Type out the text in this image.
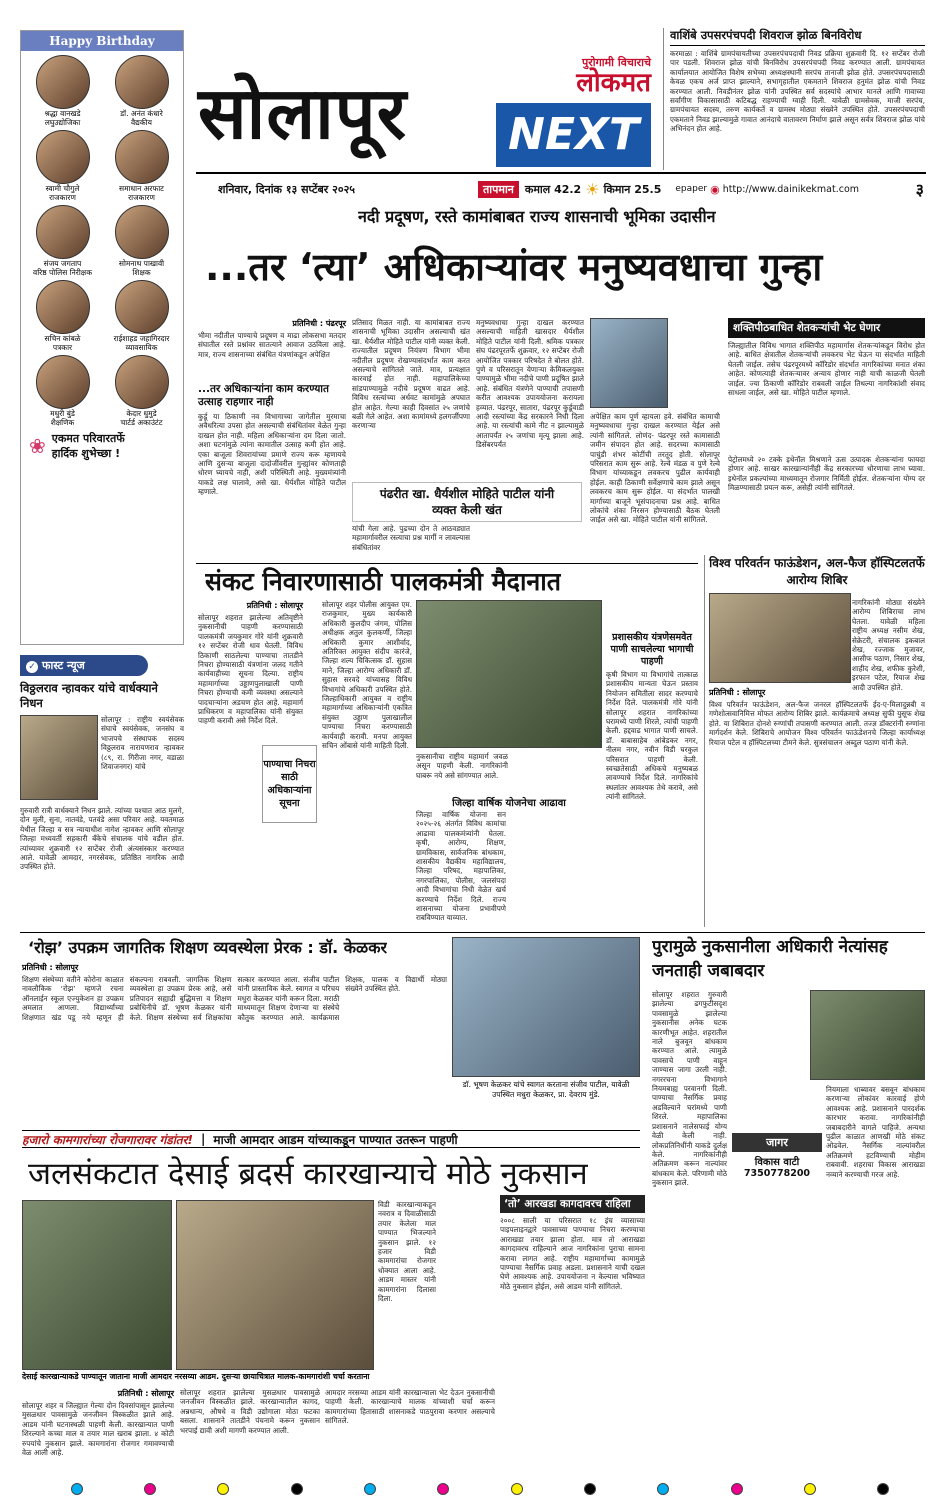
Happy Birthday
श्रद्धा वानखडे
लघुउद्योजिका
डॉ. अनंत कंधारे
वैद्यकीय
स्वामी चौगुले
राजकारण
समाधान अरफाट
राजकारण
संजय जगताप
वरिष्ठ पोलिस निरीक्षक
सोमनाथ पाखावी
शिक्षक
सचिन कांबळे
पत्रकार
राईशाहड जहागिरदार
व्यावसायिक
मधुरी बुंडे
शैक्षणिक
केदार धुमुडे
चार्टर्ड अकाउंटंट
❀ एकमत परिवारतर्फे
हार्दिक शुभेच्छा !
✓ फास्ट न्यूज
विठ्ठलराव न्हावकर यांचे वार्धक्याने निधन
सोलापूर : राष्ट्रीय स्वयंसेवक संघाचे स्वयंसेवक, जनसंघ व भाजपचे संस्थापक सदस्य विठ्ठलराव नारायणराव न्हावकर (८९, रा. गिरीजा नगर, वडाळा शिवाजनगर) यांचे
गुरुवारी रात्री वार्धक्याने निधन झाले. त्यांच्या पश्चात आठ मुलगे, दोन मुली, सुना, नातवंडे, पतवंडे असा परिवार आहे. यवतमाळ येथील जिल्हा व सत्र न्यायाधीश नागेश न्हावकर आणि सोलापूर जिल्हा मध्यवर्ती सहकारी बँकेचे संचालक यांचे वडील होत. त्यांच्यावर शुक्रवारी १२ सप्टेंबर रोजी अंत्यसंस्कार करण्यात आले. यावेळी आमदार, नगरसेवक, प्रतिष्ठित नागरिक आदी उपस्थित होते.
सोलापूर
पुरोगामी विचाराचे
लोकमत
NEXT
शनिवार, दिनांक १३ सप्टेंबर २०२५	तापमान	कमाल 42.2 ☀ किमान 25.5 epaper ◉ http://www.dainikekmat.com	३
वाशिंबे उपसरपंचपदी शिवराज झोळ बिनविरोध
करमाळा : वाशिंबे ग्रामपंचायतीच्या उपसरपंचपदाची निवड प्रक्रिया शुक्रवारी दि. १२ सप्टेंबर रोजी पार पडली. शिवराज झोळ यांची बिनविरोध उपसरपंचपदी निवड करण्यात आली. ग्रामपंचायत कार्यालयात आयोजित विशेष सभेच्या अध्यक्षस्थानी सरपंच तानाजी झोळ होते. उपसरपंचपदासाठी केवळ एकच अर्ज प्राप्त झाल्याने, सभागृहातील एकमताने शिवराज हनुमंत झोळ यांची निवड करण्यात आली. निवडीनंतर झोळ यांनी उपस्थित सर्व सदस्यांचे आभार मानले आणि गावाच्या सर्वांगीण विकासासाठी कटिबद्ध राहण्याची ग्वाही दिली. यावेळी ग्रामसेवक, माजी सरपंच, ग्रामपंचायत सदस्य, तरुण कार्यकर्ते व ग्रामस्थ मोठ्या संख्येने उपस्थित होते. उपसरपंचपदाची एकमताने निवड झाल्यामुळे गावात आनंदाचे वातावरण निर्माण झाले असून सर्वत्र शिवराज झोळ यांचे अभिनंदन होत आहे.
नदी प्रदूषण, रस्ते कामांबाबत राज्य शासनाची भूमिका उदासीन
...तर ‘त्या’ अधिकाऱ्यांवर मनुष्यवधाचा गुन्हा
प्रतिनिधी : पंढरपूर
भीमा नदीतील पाण्याचे प्रदूषण व माढा लोकसभा मतदार संघातील रस्ते प्रश्नांवर सातत्याने आवाज उठविला आहे. मात्र, राज्य शासनाच्या संबंधित यंत्रणांकडून अपेक्षित
...तर अधिकाऱ्यांना काम करण्यात उत्साह राहणार नाही
कुर्डू या ठिकाणी नव विभागाच्या जागेतील मुरमाचा अवैधरित्या उपसा होत असल्याची संबंधितांवर वेळेत गुन्हा दाखल होत नाही. महिला अधिकाऱ्यांना दम दिला जातो. अशा घटनांमुळे त्यांना कामातील उत्साह कमी होत आहे. एका बाजूला शिवरायांच्या प्रमाणे राज्य करू म्हणायचे आणि दुसऱ्या बाजूला दादोजींवरील गुन्ह्यांवर कोणताही धोरण घ्यायचे नाही, अशी परिस्थिती आहे. मुख्यमंत्र्यांनी याकडे लक्ष घालावे, असे खा. धैर्यशील मोहिते पाटील म्हणाले.
प्रतिसाद मिळत नाही. या कामांबाबत राज्य शासनाची भूमिका उदासीन असल्याची खंत खा. धैर्यशील मोहिते पाटील यांनी व्यक्त केली. राज्यातील प्रदूषण नियंत्रण विभाग भीमा नदीतील प्रदूषण रोखण्यासंदर्भात काम करत असल्याचे सांगितले जाते. मात्र, प्रत्यक्षात कारवाई होत नाही. महापालिकेच्या सांडपाण्यामुळे नदीचे प्रदूषण वाढत आहे. विविध रस्त्यांच्या अर्धवट कामांमुळे अपघात होत आहेत. गेल्या काही दिवसांत २५ जणांचे बळी गेले आहेत. अशा कामांमध्ये हलगर्जीपणा करणाऱ्या
पंढरीत खा. धैर्यशील मोहिते पाटील यांनी व्यक्त केली खंत
यांची गेला आहे. पुढच्या दोन ते आठवड्यात महामार्गावरील रस्त्याचा प्रश्न मार्गी न लावल्यास संबंधितांवर
मनुष्यवधाचा गुन्हा दाखल करण्यात असल्याची माहिती खासदार धैर्यशील मोहिते पाटील यांनी दिली. श्रमिक पत्रकार संघ पंढरपूरतर्फे शुक्रवार, १२ सप्टेंबर रोजी आयोजित पत्रकार परिषदेत ते बोलत होते. पुणे व परिसरातून येणाऱ्या केमिकलयुक्त पाण्यामुळे भीमा नदीचे पाणी प्रदूषित झाले आहे. संबंधित यंत्रणेने पाण्याची तपासणी करीत आवश्यक उपाययोजना करायला हव्यात. पंढरपूर, सातारा, पंढरपूर कुर्डूवाडी आदी रस्त्यांच्या केंद्र सरकारने निधी दिला आहे. या रस्त्यांची कामे नीट न झाल्यामुळे आतापर्यंत २५ जणांचा मृत्यू झाला आहे. डिसेंबरपर्यंत
अपेक्षित काम पूर्ण व्हायला हवे. संबंधित कामाची मनुष्यवधाचा गुन्हा दाखल करण्यात येईल असे त्यांनी सांगितले. लोणंद- पंढरपूर रस्ते कामासाठी जमीन संपादन होत आहे. सदरच्या कामासाठी पाचुंडी शंभर कोटींची तरतूद होती. सोलापूर परिसरात काम सुरू आहे. रेल्वे मंडळ व पुणे रेल्वे विभाग यांच्याकडून लवकरच पुढील कार्यवाही होईल. काही ठिकाणी सर्वेक्षणाचे काम झाले असून लवकरच काम सुरू होईल. या संदर्भात पालखी मार्गाच्या बाजूने भूसंपादनाचा प्रश्न आहे. बाधित लोकांचे शंका निरसन होण्यासाठी बैठक घेतली जाईल असे खा. मोहिते पाटील यांनी सांगितले.
शक्तिपीठबाधित शेतकऱ्यांची भेट घेणार
जिल्ह्यातील विविध भागात शक्तिपीठ महामार्गास शेतकऱ्यांकडून विरोध होत आहे. बाधित क्षेत्रातील शेतकऱ्यांची लवकरच भेट घेऊन या संदर्भात माहिती घेतली जाईल. तसेच पंढरपूरमध्ये कॉरिडोर संदर्भात नागरिकांच्या मनात शंका आहेत. कोणत्याही शेतकऱ्यावर अन्याय होणार नाही याची काळजी घेतली जाईल. ज्या ठिकाणी कॉरिडोर राबवली जाईल तिथल्या नागरिकांशी संवाद साधला जाईल, असे खा. मोहिते पाटील म्हणाले.
पेट्रोलमध्ये २० टक्के इथेनॉल मिश्रणाने ऊस उत्पादक शेतकऱ्यांना फायदा होणार आहे. साखर कारखान्यांनीही केंद्र सरकारच्या धोरणाचा लाभ घ्यावा. इथेनॉल प्रकल्पांच्या माध्यमातून रोजगार निर्मिती होईल. शेतकऱ्यांना योग्य दर मिळण्यासाठी प्रयत्न करू, असेही त्यांनी सांगितले.
संकट निवारणासाठी पालकमंत्री मैदानात
प्रतिनिधी : सोलापूर
सोलापूर शहरात झालेल्या अतिवृष्टीने नुकसानीची पाहणी करण्यासाठी पालकमंत्री जयकुमार गोरे यांनी शुक्रवारी १२ सप्टेंबर रोजी धाव घेतली. विविध ठिकाणी साठलेल्या पाण्याचा तातडीने निचरा होण्यासाठी यंत्रणांना जलद गतीने कार्यवाहीच्या सूचना दिल्या. राष्ट्रीय महामार्गाच्या उड्डाणपुलाखाली पाणी निचरा होण्याची कमी व्यवस्था असल्याने पादचाऱ्यांना अडचण होत आहे. महामार्ग प्राधिकरण व महापालिका यांनी संयुक्त पाहणी करावी असे निर्देश दिले.
पाण्याचा निचरा साठी अधिकाऱ्यांना सूचना
सोलापूर शहर पोलीस आयुक्त एम. राजकुमार, मुख्य कार्यकारी अधिकारी कुलदीप जंगम, पोलिस अधीक्षक अतुल कुलकर्णी, जिल्हा अधिकारी कुमार आशीर्वाद, अतिरिक्त आयुक्त संदीप कारंजे, जिल्हा शल्य चिकित्सक डॉ. सुहास माने, जिल्हा आरोग्य अधिकारी डॉ. सुहास सरवदे यांच्यासह विविध विभागांचे अधिकारी उपस्थित होते. जिल्हाधिकारी आयुक्त व राष्ट्रीय महामार्गाच्या अधिकाऱ्यांनी एकत्रित संयुक्त उड्डाण पुलाखालील पाण्याचा निचरा करण्यासाठी कार्यवाही करावी. मनपा आयुक्त सचिन ओंबासे यांनी माहिती दिली.
नुकसानीचा राष्ट्रीय महामार्ग जवळ असून पाहणी केली. नागरिकांनी घाबरू नये असे सांगण्यात आले.
जिल्हा वार्षिक योजनेचा आढावा
जिल्हा वार्षिक योजना सन २०२५-२६ अंतर्गत विविध कामांचा आढावा पालकमंत्र्यांनी घेतला. कृषी, आरोग्य, शिक्षण, ग्रामविकास, सार्वजनिक बांधकाम, शासकीय वैद्यकीय महाविद्यालय, जिल्हा परिषद, महापालिका, नगरपालिका, पोलीस, जलसंपदा आदी विभागांचा निधी वेळेत खर्च करण्याचे निर्देश दिले. राज्य शासनाच्या योजना प्रभावीपणे राबविण्यात याव्यात.
प्रशासकीय यंत्रणेसमवेत पाणी साचलेल्या भागाची पाहणी
कृषी विभाग या विभागांचे तात्काळ प्रशासकीय मान्यता घेऊन प्रस्ताव नियोजन समितीला सादर करण्याचे निर्देश दिले. पालकमंत्री गोरे यांनी सोलापूर शहरात नागरिकांच्या घरामध्ये पाणी शिरले, त्यांची पाहणी केली. हद्दवाढ भागात पाणी साचले. डॉ. बाबासाहेब आंबेडकर नगर, नीलम नगर, नवीन विडी घरकुल परिसरात पाहणी केली. स्वच्छतेसाठी अधिकचे मनुष्यबळ लावण्याचे निर्देश दिले. नागरिकांचे स्थलांतर आवश्यक तेथे करावे, असे त्यांनी सांगितले.
विश्व परिवर्तन फाऊंडेशन, अल-फैज हॉस्पिटलतर्फे आरोग्य शिबिर
प्रतिनिधी : सोलापूर
विश्व परिवर्तन फाऊंडेशन, अल-फैज जनरल हॉस्पिटलतर्फे ईद-ए-मिलादुन्नबी व गणेशोत्सवानिमित्त मोफत आरोग्य शिबिर झाले. कार्यक्रमाचे अध्यक्ष सुफी युसूफ शेख होते. या शिबिरात दोनशे रुग्णांची तपासणी करण्यात आली. तज्ज्ञ डॉक्टरांनी रुग्णांना मार्गदर्शन केले. शिबिराचे आयोजन विश्व परिवर्तन फाऊंडेशनचे जिल्हा कार्याध्यक्ष रियाज पटेल व हॉस्पिटलच्या टीमने केले. सुत्रसंचालन अब्दुल पठाण यांनी केले.
नागरिकांनी मोठ्या संख्येने आरोग्य शिबिराचा लाभ घेतला. यावेळी महिला राष्ट्रीय अध्यक्ष नसीम शेख, सेक्रेटरी, संचालक इकबाल शेख, रज्जाक मुजावर, आसीफ पठाण, निसार शेख, शाहीद शेख, शफीक कुरेशी, इरफान पटेल, रियाज शेख आदी उपस्थित होते.
‘रोझ’ उपक्रम जागतिक शिक्षण व्यवस्थेला प्रेरक : डॉ. केळकर
प्रतिनिधी : सोलापूर
शिक्षण संस्थेच्या वतीने कोरोना काळात नावलौकिक ‘रोझ’ म्हणजे रचना ऑनलाईन स्कूल एज्युकेशन हा उपक्रम अमलात आणला. विद्यार्थ्यांच्या शिक्षणात खंड पडू नये म्हणून ही संकल्पना राबवली. जागतिक शिक्षण व्यवस्थेला हा उपक्रम प्रेरक आहे, असे प्रतिपादन सह्याद्री बुद्धिमत्ता व शिक्षण प्रबोधिनीचे डॉ. भूषण केळकर यांनी केले. शिक्षण संस्थेच्या सर्व शिक्षकांचा सत्कार करण्यात आला. संजीव पाटील यांनी प्रास्ताविक केले. स्वागत व परिचय मधुरा केळकर यांनी करून दिला. मराठी माध्यमातून शिक्षण देणाऱ्या या संस्थेचे कौतुक करण्यात आले. कार्यक्रमास शिक्षक, पालक व विद्यार्थी मोठ्या संख्येने उपस्थित होते.
डॉ. भूषण केळकर यांचे स्वागत करताना संजीव पाटील, यावेळी उपस्थित मधुरा केळकर, प्रा. देवराय मुंडे.
पुरामुळे नुकसानीला अधिकारी नेत्यांसह जनताही जबाबदार
सोलापूर शहरात गुरुवारी झालेल्या ढगफुटीसदृश पावसामुळे झालेल्या नुकसानीस अनेक घटक कारणीभूत आहेत. शहरातील नाले बुजवून बांधकाम करण्यात आले. त्यामुळे पावसाचे पाणी वाहून जाण्यास जागा उरली नाही. नगररचना विभागाने नियमबाह्य परवानगी दिली. पाण्याचा नैसर्गिक प्रवाह अडविल्याने घरांमध्ये पाणी शिरले. महापालिका प्रशासनाने नालेसफाई योग्य वेळी केली नाही. लोकप्रतिनिधींनी याकडे दुर्लक्ष केले. नागरिकांनीही अतिक्रमण करून नाल्यांवर बांधकाम केले. परिणामी मोठे नुकसान झाले.
जागर
विकास वाटी
7350778200
नियमाला धाब्यावर बसवून बांधकाम करणाऱ्या लोकांवर कारवाई होणे आवश्यक आहे. प्रशासनाने पारदर्शक कारभार करावा. नागरिकांनीही जबाबदारीने वागले पाहिजे. अन्यथा पुढील काळात आणखी मोठे संकट ओढवेल. नैसर्गिक नाल्यांवरील अतिक्रमणे हटविण्याची मोहीम राबवावी. शहराचा विकास आराखडा नव्याने करण्याची गरज आहे.
हजारो कामगारांच्या रोजगारावर गंडांतर! | माजी आमदार आडम यांच्याकडून पाण्यात उतरून पाहणी
जलसंकटात देसाई ब्रदर्स कारखान्याचे मोठे नुकसान
देसाई कारखान्याकडे पाण्यातून जाताना माजी आमदार नरसय्या आडम. दुसऱ्या छायाचित्रात मालक-कामगारांशी चर्चा करताना
विडी कारखान्याकडून नवरात्र व दिवाळीसाठी तयार केलेला माल पाण्यात भिजल्याने नुकसान झाले. १२ हजार विडी कामगारांचा रोजगार धोक्यात आला आहे. आडम मास्तर यांनी कामगारांना दिलासा दिला.
प्रतिनिधी : सोलापूर
सोलापूर शहर व जिल्ह्यात गेल्या दोन दिवसांपासून झालेल्या मुसळधार पावसामुळे जनजीवन विस्कळीत झाले आहे. आडम यांनी घटनास्थळी पाहणी केली. कारखान्यात पाणी शिरल्याने कच्चा माल व तयार माल खराब झाला. ४ कोटी रुपयांचे नुकसान झाले. कामगारांना रोजगार गमावण्याची वेळ आली आहे.
सोलापूर शहरात झालेल्या मुसळधार पावसामुळे जनजीवन विस्कळीत झाले. कारखान्यातील कागद, अन्नधान्य, औषधे व विडी उद्योगाला मोठा फटका बसला. शासनाने तातडीने पंचनामे करून नुकसान भरपाई द्यावी अशी मागणी करण्यात आली.
आमदार नरसय्या आडम यांनी कारखान्याला भेट देऊन नुकसानीची पाहणी केली. कारखान्याचे मालक यांच्याशी चर्चा करून कामगारांच्या हितासाठी शासनाकडे पाठपुरावा करणार असल्याचे सांगितले.
‘तो’ आरखडा कागदावरच राहिला
२००८ साली या परिसरात १८ इंच व्यासाच्या पाइपलाइनद्वारे पावसाच्या पाण्याचा निचरा करण्याचा आराखडा तयार झाला होता. मात्र तो आराखडा कागदावरच राहिल्याने आज नागरिकांना पुराचा सामना करावा लागत आहे. राष्ट्रीय महामार्गाच्या कामामुळे पाण्याचा नैसर्गिक प्रवाह अडला. प्रशासनाने याची दखल घेणे आवश्यक आहे. उपाययोजना न केल्यास भविष्यात मोठे नुकसान होईल, असे आडम यांनी सांगितले.
